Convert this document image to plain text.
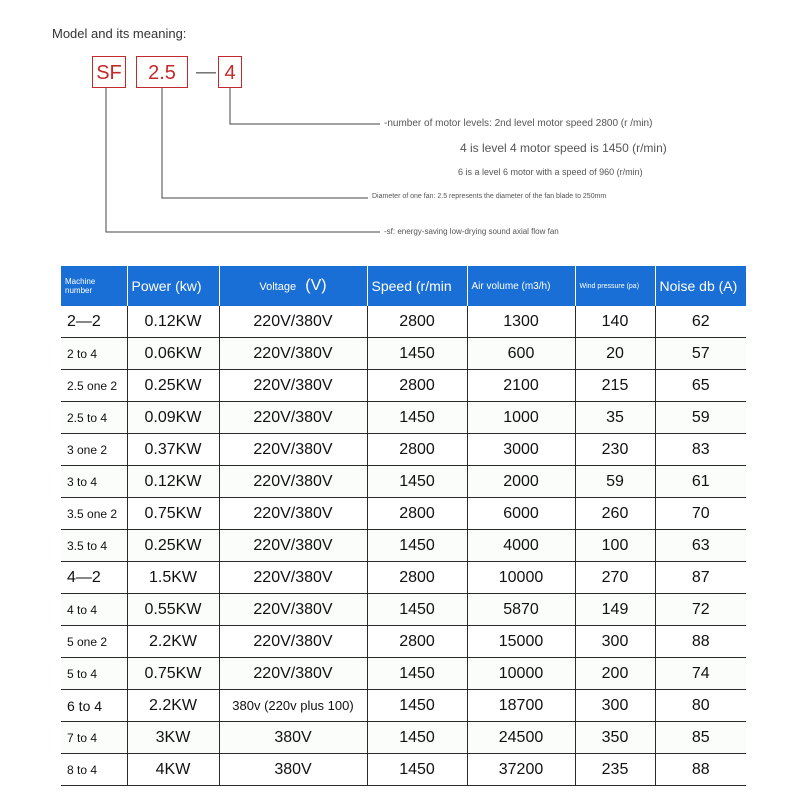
Model and its meaning:
SF	2.5	— 4
-number of motor levels: 2nd level motor speed 2800 (r /min)
4 is level 4 motor speed is 1450 (r/min)
6 is a level 6 motor with a speed of 960 (r/min)
Diameter of one fan: 2.5 represents the diameter of the fan blade to 250mm
-sf: energy-saving low-drying sound axial flow fan
Machine number	Power (kw)	Voltage (V)	Speed (r/min	Air volume (m3/h)	Wind pressure (pa)	Noise db (A)
2—2	0.12KW	220V/380V	2800	1300	140	62
2 to 4	0.06KW	220V/380V	1450	600	20	57
2.5 one 2	0.25KW	220V/380V	2800	2100	215	65
2.5 to 4	0.09KW	220V/380V	1450	1000	35	59
3 one 2	0.37KW	220V/380V	2800	3000	230	83
3 to 4	0.12KW	220V/380V	1450	2000	59	61
3.5 one 2	0.75KW	220V/380V	2800	6000	260	70
3.5 to 4	0.25KW	220V/380V	1450	4000	100	63
4—2	1.5KW	220V/380V	2800	10000	270	87
4 to 4	0.55KW	220V/380V	1450	5870	149	72
5 one 2	2.2KW	220V/380V	2800	15000	300	88
5 to 4	0.75KW	220V/380V	1450	10000	200	74
6 to 4	2.2KW	380v (220v plus 100)	1450	18700	300	80
7 to 4	3KW	380V	1450	24500	350	85
8 to 4	4KW	380V	1450	37200	235	88
